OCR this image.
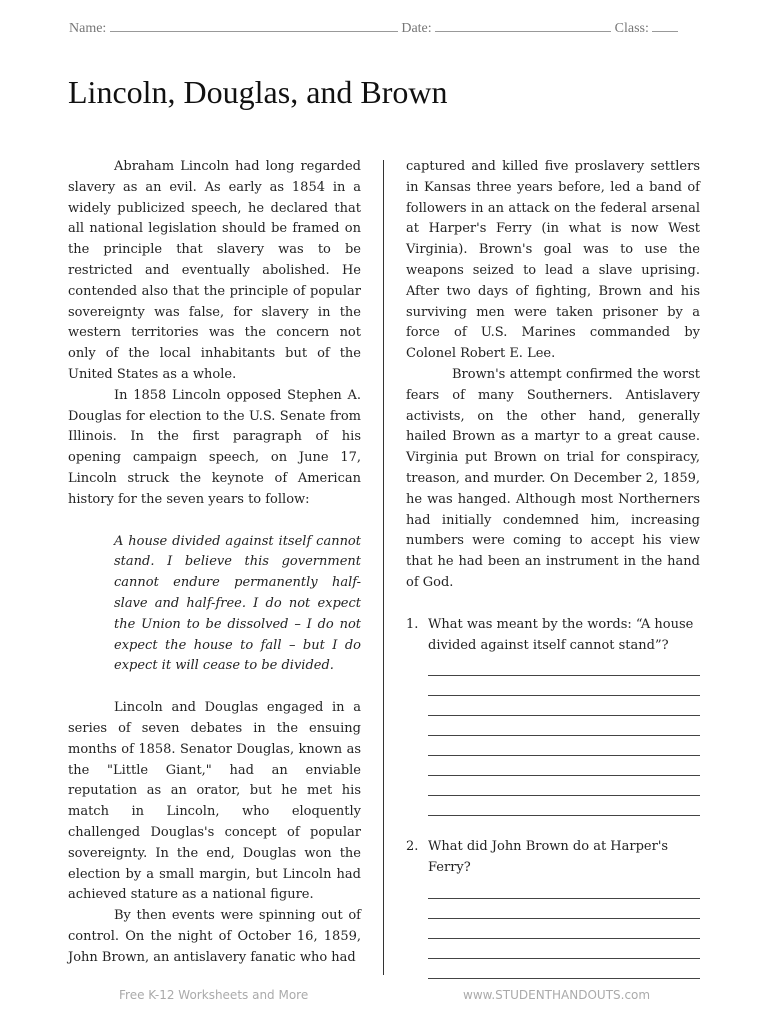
Name:	Date:	Class:
Lincoln, Douglas, and Brown

Abraham Lincoln had long regarded slavery as an evil. As early as 1854 in a widely publicized speech, he declared that all national legislation should be framed on the principle that slavery was to be restricted and eventually abolished. He contended also that the principle of popular sovereignty was false, for slavery in the western territories was the concern not only of the local inhabitants but of the United States as a whole.

In 1858 Lincoln opposed Stephen A. Douglas for election to the U.S. Senate from Illinois. In the first paragraph of his opening campaign speech, on June 17, Lincoln struck the keynote of American history for the seven years to follow:

A house divided against itself cannot stand. I believe this government cannot endure permanently half-slave and half-free. I do not expect the Union to be dissolved – I do not expect the house to fall – but I do expect it will cease to be divided.

Lincoln and Douglas engaged in a series of seven debates in the ensuing months of 1858. Senator Douglas, known as the "Little Giant," had an enviable reputation as an orator, but he met his match in Lincoln, who eloquently challenged Douglas's concept of popular sovereignty. In the end, Douglas won the election by a small margin, but Lincoln had achieved stature as a national figure.

By then events were spinning out of control. On the night of October 16, 1859, John Brown, an antislavery fanatic who had

captured and killed five proslavery settlers in Kansas three years before, led a band of followers in an attack on the federal arsenal at Harper's Ferry (in what is now West Virginia). Brown's goal was to use the weapons seized to lead a slave uprising. After two days of fighting, Brown and his surviving men were taken prisoner by a force of U.S. Marines commanded by Colonel Robert E. Lee.

Brown's attempt confirmed the worst fears of many Southerners. Antislavery activists, on the other hand, generally hailed Brown as a martyr to a great cause. Virginia put Brown on trial for conspiracy, treason, and murder. On December 2, 1859, he was hanged. Although most Northerners had initially condemned him, increasing numbers were coming to accept his view that he had been an instrument in the hand of God.

1. What was meant by the words: “A house divided against itself cannot stand”?
2. What did John Brown do at Harper's Ferry?
Free K-12 Worksheets and More	www.STUDENTHANDOUTS.com
